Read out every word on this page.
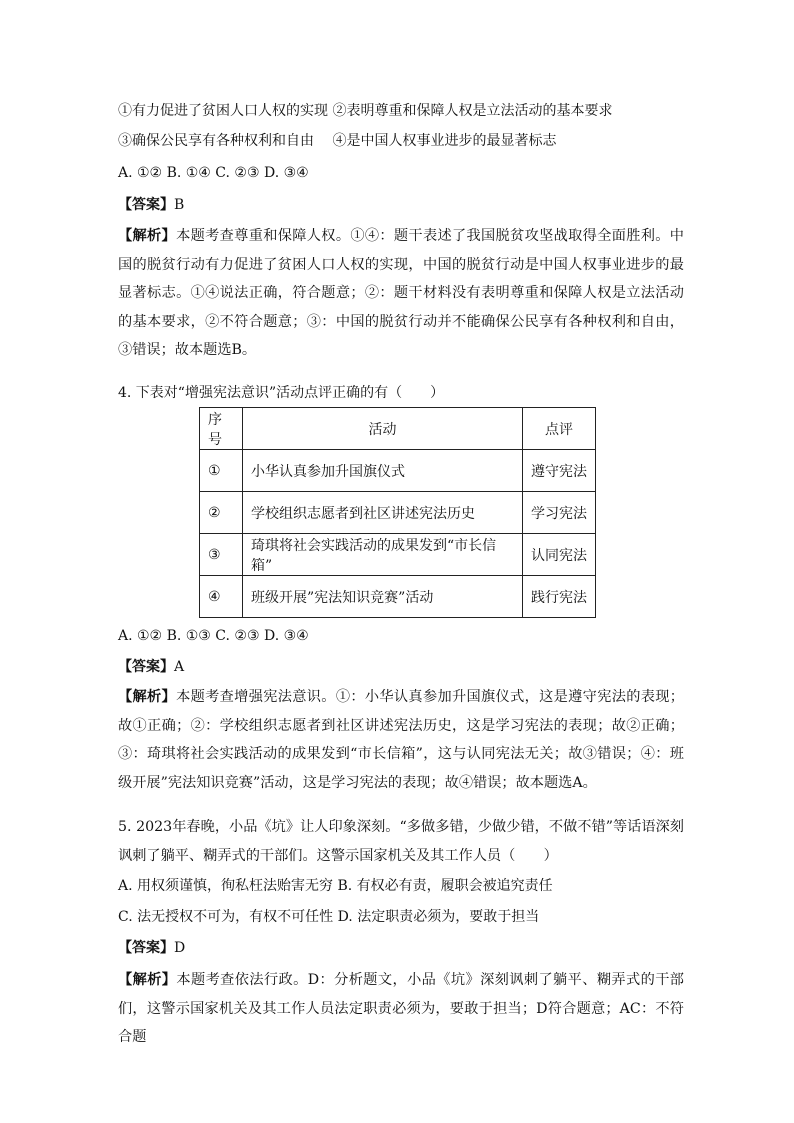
①有力促进了贫困人口人权的实现 ②表明尊重和保障人权是立法活动的基本要求
③确保公民享有各种权利和自由　 ④是中国人权事业进步的最显著标志
A. ①② B. ①④ C. ②③ D. ③④
【答案】B
【解析】本题考查尊重和保障人权。①④：题干表述了我国脱贫攻坚战取得全面胜利。中国的脱贫行动有力促进了贫困人口人权的实现，中国的脱贫行动是中国人权事业进步的最显著标志。①④说法正确，符合题意；②：题干材料没有表明尊重和保障人权是立法活动的基本要求，②不符合题意；③：中国的脱贫行动并不能确保公民享有各种权利和自由，③错误；故本题选B。
4. 下表对“增强宪法意识”活动点评正确的有（　　）
序号	活动	点评
①	小华认真参加升国旗仪式	遵守宪法
②	学校组织志愿者到社区讲述宪法历史	学习宪法
③	琦琪将社会实践活动的成果发到“市长信箱”	认同宪法
④	班级开展”宪法知识竞赛”活动	践行宪法
A. ①② B. ①③ C. ②③ D. ③④
【答案】A
【解析】本题考查增强宪法意识。①：小华认真参加升国旗仪式，这是遵守宪法的表现；故①正确；②：学校组织志愿者到社区讲述宪法历史，这是学习宪法的表现；故②正确；③：琦琪将社会实践活动的成果发到“市长信箱”，这与认同宪法无关；故③错误；④：班级开展”宪法知识竞赛”活动，这是学习宪法的表现；故④错误；故本题选A。
5. 2023年春晚，小品《坑》让人印象深刻。“多做多错，少做少错，不做不错”等话语深刻讽刺了躺平、糊弄式的干部们。这警示国家机关及其工作人员（　　）
A. 用权须谨慎，徇私枉法贻害无穷 B. 有权必有责，履职会被追究责任
C. 法无授权不可为，有权不可任性 D. 法定职责必须为，要敢于担当
【答案】D
【解析】本题考查依法行政。D：分析题文，小品《坑》深刻讽刺了躺平、糊弄式的干部们，这警示国家机关及其工作人员法定职责必须为，要敢于担当；D符合题意；AC：不符合题
